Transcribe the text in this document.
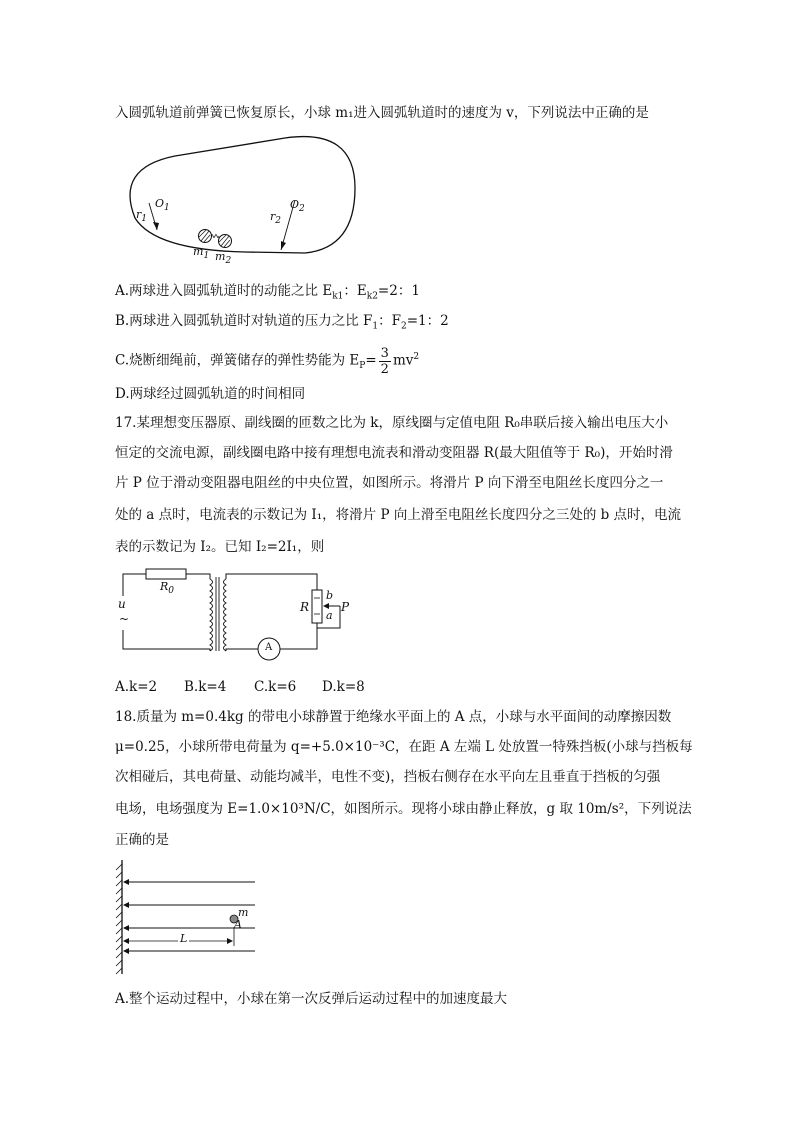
入圆弧轨道前弹簧已恢复原长，小球 m₁进入圆弧轨道时的速度为 v，下列说法中正确的是
$O_1$
$r_1$
$O_2$
$r_2$
$m_1$ $m_2$
A.两球进入圆弧轨道时的动能之比 $E_{k1}$：$E_{k2}=2$：1
B.两球进入圆弧轨道时对轨道的压力之比 $F_1$：$F_2=1$：2
C.烧断细绳前，弹簧储存的弹性势能为 $E_P= \frac{3}{2} mv^2$
D.两球经过圆弧轨道的时间相同
17.某理想变压器原、副线圈的匝数之比为 k，原线圈与定值电阻 R₀串联后接入输出电压大小
恒定的交流电源，副线圈电路中接有理想电流表和滑动变阻器 R(最大阻值等于 R₀)，开始时滑
片 P 位于滑动变阻器电阻丝的中央位置，如图所示。将滑片 P 向下滑至电阻丝长度四分之一
处的 a 点时，电流表的示数记为 I₁，将滑片 P 向上滑至电阻丝长度四分之三处的 b 点时，电流
表的示数记为 I₂。已知 I₂=2I₁，则
$R_0$
u
~
R	P
b
a
A
A.k=2 B.k=4 C.k=6 D.k=8
18.质量为 m=0.4kg 的带电小球静置于绝缘水平面上的 A 点，小球与水平面间的动摩擦因数
μ=0.25，小球所带电荷量为 q=+5.0×10⁻³C，在距 A 左端 L 处放置一特殊挡板(小球与挡板每
次相碰后，其电荷量、动能均减半，电性不变)，挡板右侧存在水平向左且垂直于挡板的匀强
电场，电场强度为 E=1.0×10³N/C，如图所示。现将小球由静止释放，g 取 10m/s²，下列说法
正确的是
m
A
L
A.整个运动过程中，小球在第一次反弹后运动过程中的加速度最大
